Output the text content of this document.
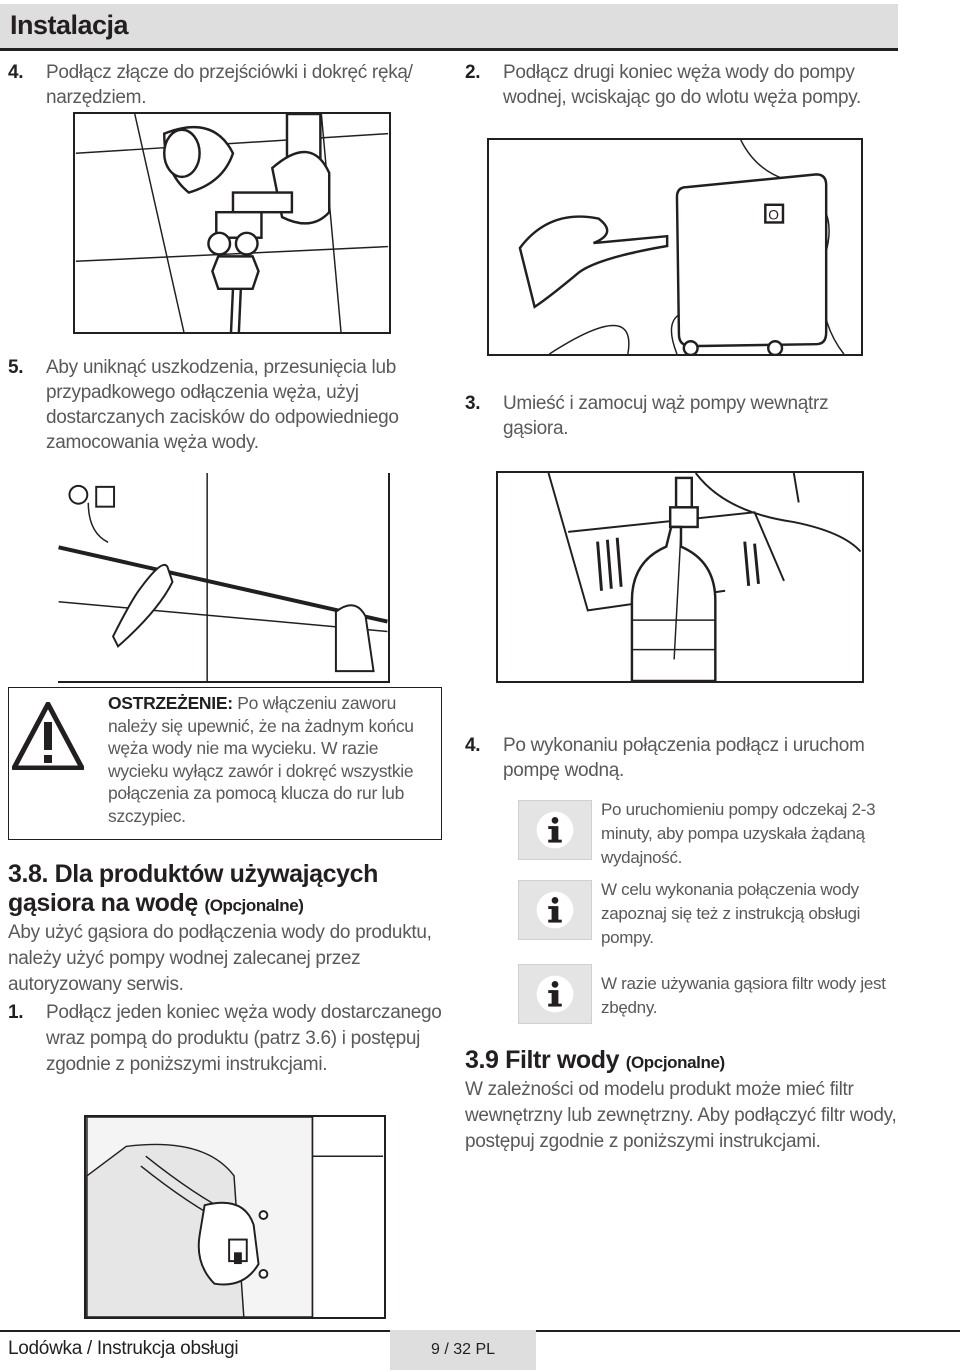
Instalacja
4.	Podłącz złącze do przejściówki i dokręć ręką/ narzędziem.
2.	Podłącz drugi koniec węża wody do pompy wodnej, wciskając go do wlotu węża pompy.
O
5.	Aby uniknąć uszkodzenia, przesunięcia lub przypadkowego odłączenia węża, użyj dostarczanych zacisków do odpowiedniego zamocowania węża wody.
3.	Umieść i zamocuj wąż pompy wewnątrz gąsiora.
OSTRZEŻENIE: Po włączeniu zaworu należy się upewnić, że na żadnym końcu węża wody nie ma wycieku. W razie wycieku wyłącz zawór i dokręć wszystkie połączenia za pomocą klucza do rur lub szczypiec.
4.	Po wykonaniu połączenia podłącz i uruchom pompę wodną.
Po uruchomieniu pompy odczekaj 2-3 minuty, aby pompa uzyskała żądaną wydajność.
W celu wykonania połączenia wody zapoznaj się też z instrukcją obsługi pompy.
W razie używania gąsiora filtr wody jest zbędny.
3.8. Dla produktów używających gąsiora na wodę (Opcjonalne)
Aby użyć gąsiora do podłączenia wody do produktu, należy użyć pompy wodnej zalecanej przez autoryzowany serwis.
1.	Podłącz jeden koniec węża wody dostarczanego wraz pompą do produktu (patrz 3.6) i postępuj zgodnie z poniższymi instrukcjami.	3.9 Filtr wody (Opcjonalne)
W zależności od modelu produkt może mieć filtr wewnętrzny lub zewnętrzny. Aby podłączyć filtr wody, postępuj zgodnie z poniższymi instrukcjami.
Lodówka / Instrukcja obsługi	9 / 32 PL
